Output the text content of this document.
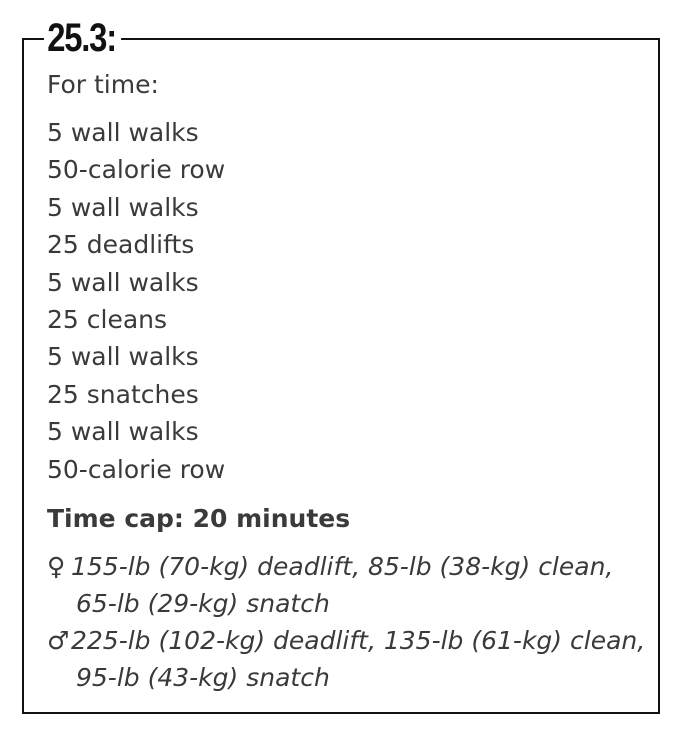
25.3:
For time:
5 wall walks
50-calorie row
5 wall walks
25 deadlifts
5 wall walks
25 cleans
5 wall walks
25 snatches
5 wall walks
50-calorie row
Time cap: 20 minutes
♀ 155-lb (70-kg) deadlift, 85-lb (38-kg) clean,
65-lb (29-kg) snatch
♂225-lb (102-kg) deadlift, 135-lb (61-kg) clean,
95-lb (43-kg) snatch
